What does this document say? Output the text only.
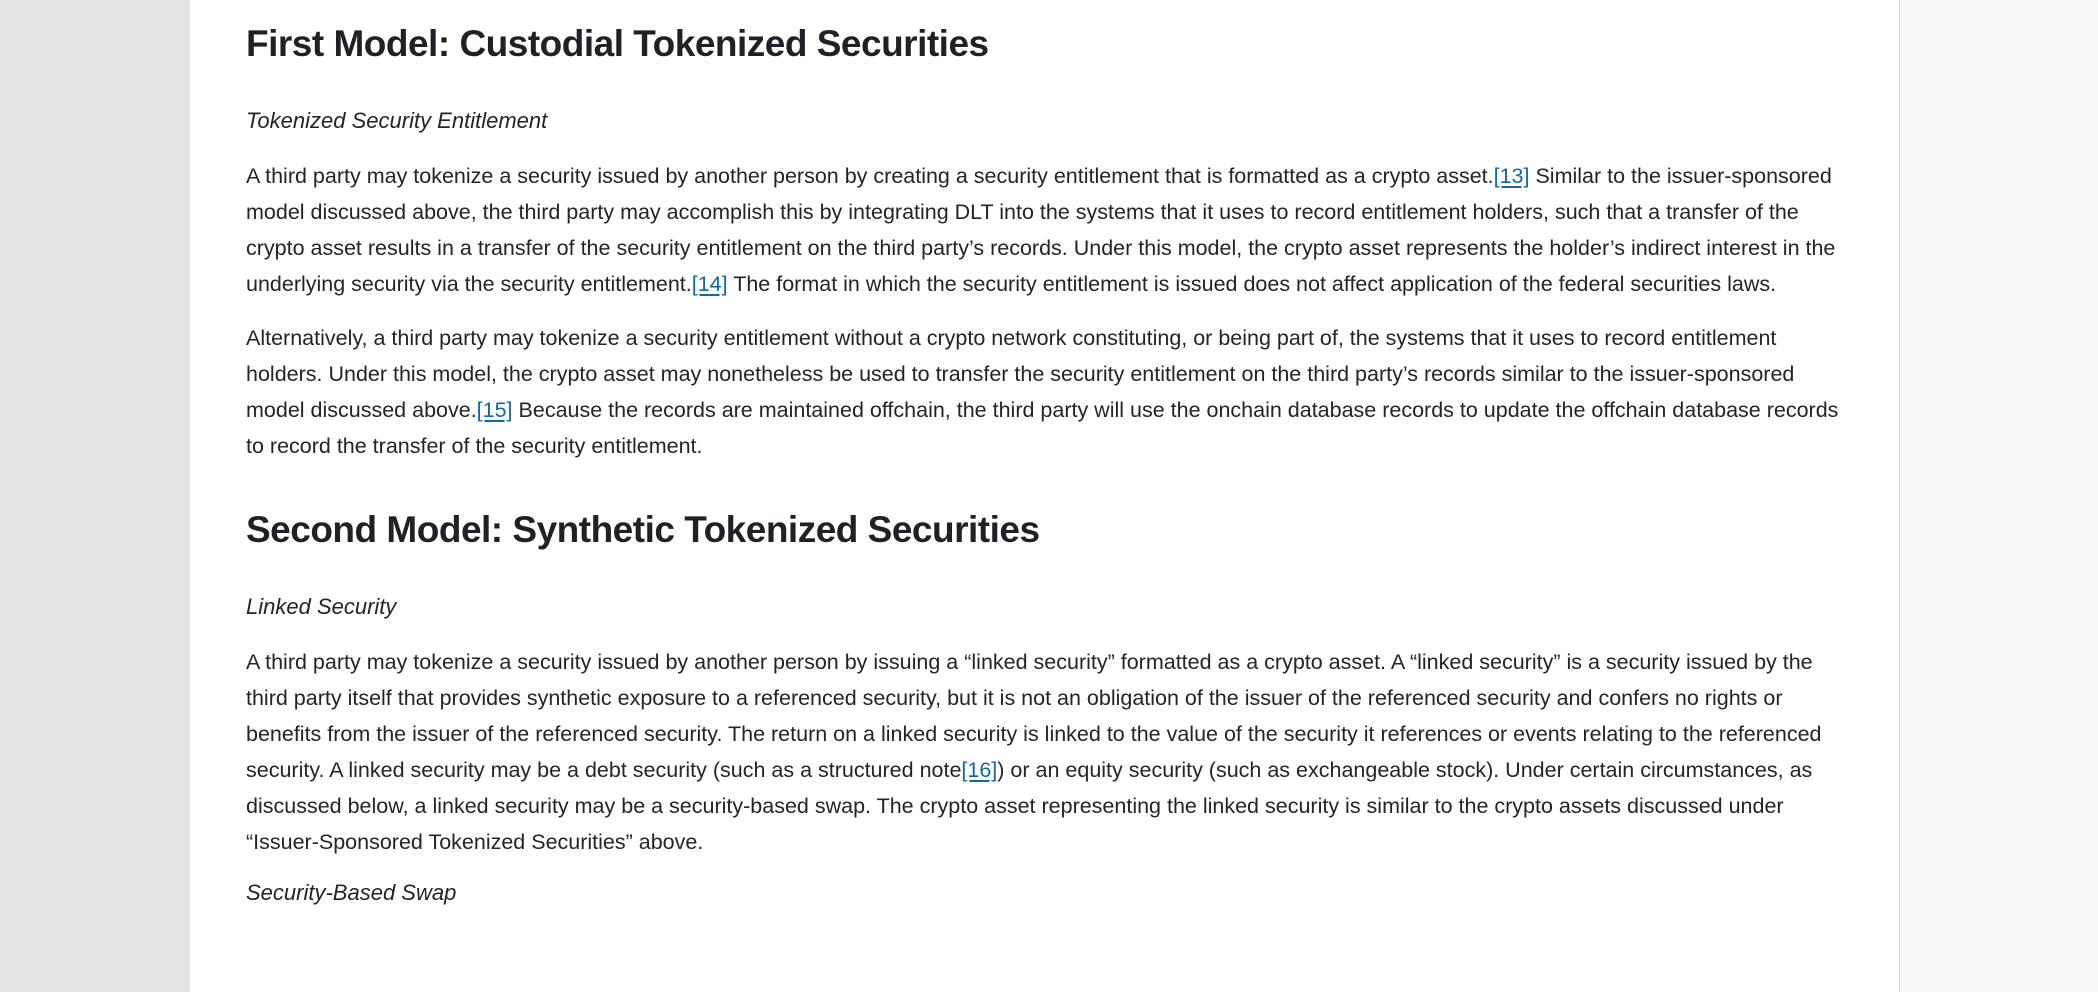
First Model: Custodial Tokenized Securities

Tokenized Security Entitlement

A third party may tokenize a security issued by another person by creating a security entitlement that is formatted as a crypto asset.[13] Similar to the issuer-sponsored model discussed above, the third party may accomplish this by integrating DLT into the systems that it uses to record entitlement holders, such that a transfer of the crypto asset results in a transfer of the security entitlement on the third party’s records. Under this model, the crypto asset represents the holder’s indirect interest in the underlying security via the security entitlement.[14] The format in which the security entitlement is issued does not affect application of the federal securities laws.

Alternatively, a third party may tokenize a security entitlement without a crypto network constituting, or being part of, the systems that it uses to record entitlement holders. Under this model, the crypto asset may nonetheless be used to transfer the security entitlement on the third party’s records similar to the issuer-sponsored model discussed above.[15] Because the records are maintained offchain, the third party will use the onchain database records to update the offchain database records to record the transfer of the security entitlement.

Second Model: Synthetic Tokenized Securities

Linked Security

A third party may tokenize a security issued by another person by issuing a “linked security” formatted as a crypto asset. A “linked security” is a security issued by the third party itself that provides synthetic exposure to a referenced security, but it is not an obligation of the issuer of the referenced security and confers no rights or benefits from the issuer of the referenced security. The return on a linked security is linked to the value of the security it references or events relating to the referenced security. A linked security may be a debt security (such as a structured note[16]) or an equity security (such as exchangeable stock). Under certain circumstances, as discussed below, a linked security may be a security-based swap. The crypto asset representing the linked security is similar to the crypto assets discussed under “Issuer-Sponsored Tokenized Securities” above.

Security-Based Swap
